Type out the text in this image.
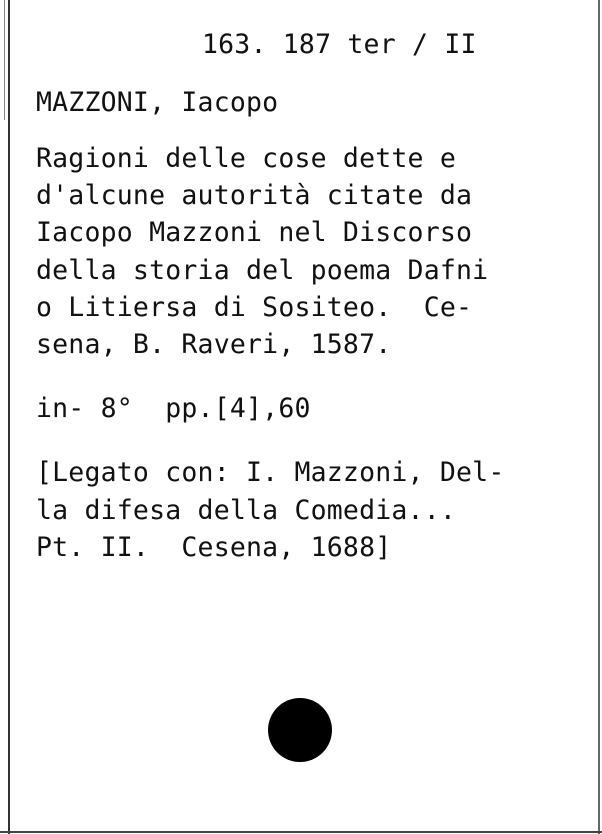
163. 187 ter / II
MAZZONI, Iacopo
Ragioni delle cose dette e
d'alcune autorità citate da
Iacopo Mazzoni nel Discorso
della storia del poema Dafni
o Litiersa di Sositeo.  Ce-
sena, B. Raveri, 1587.
in- 8°  pp.[4],60
[Legato con: I. Mazzoni, Del-
la difesa della Comedia...
Pt. II.  Cesena, 1688]
